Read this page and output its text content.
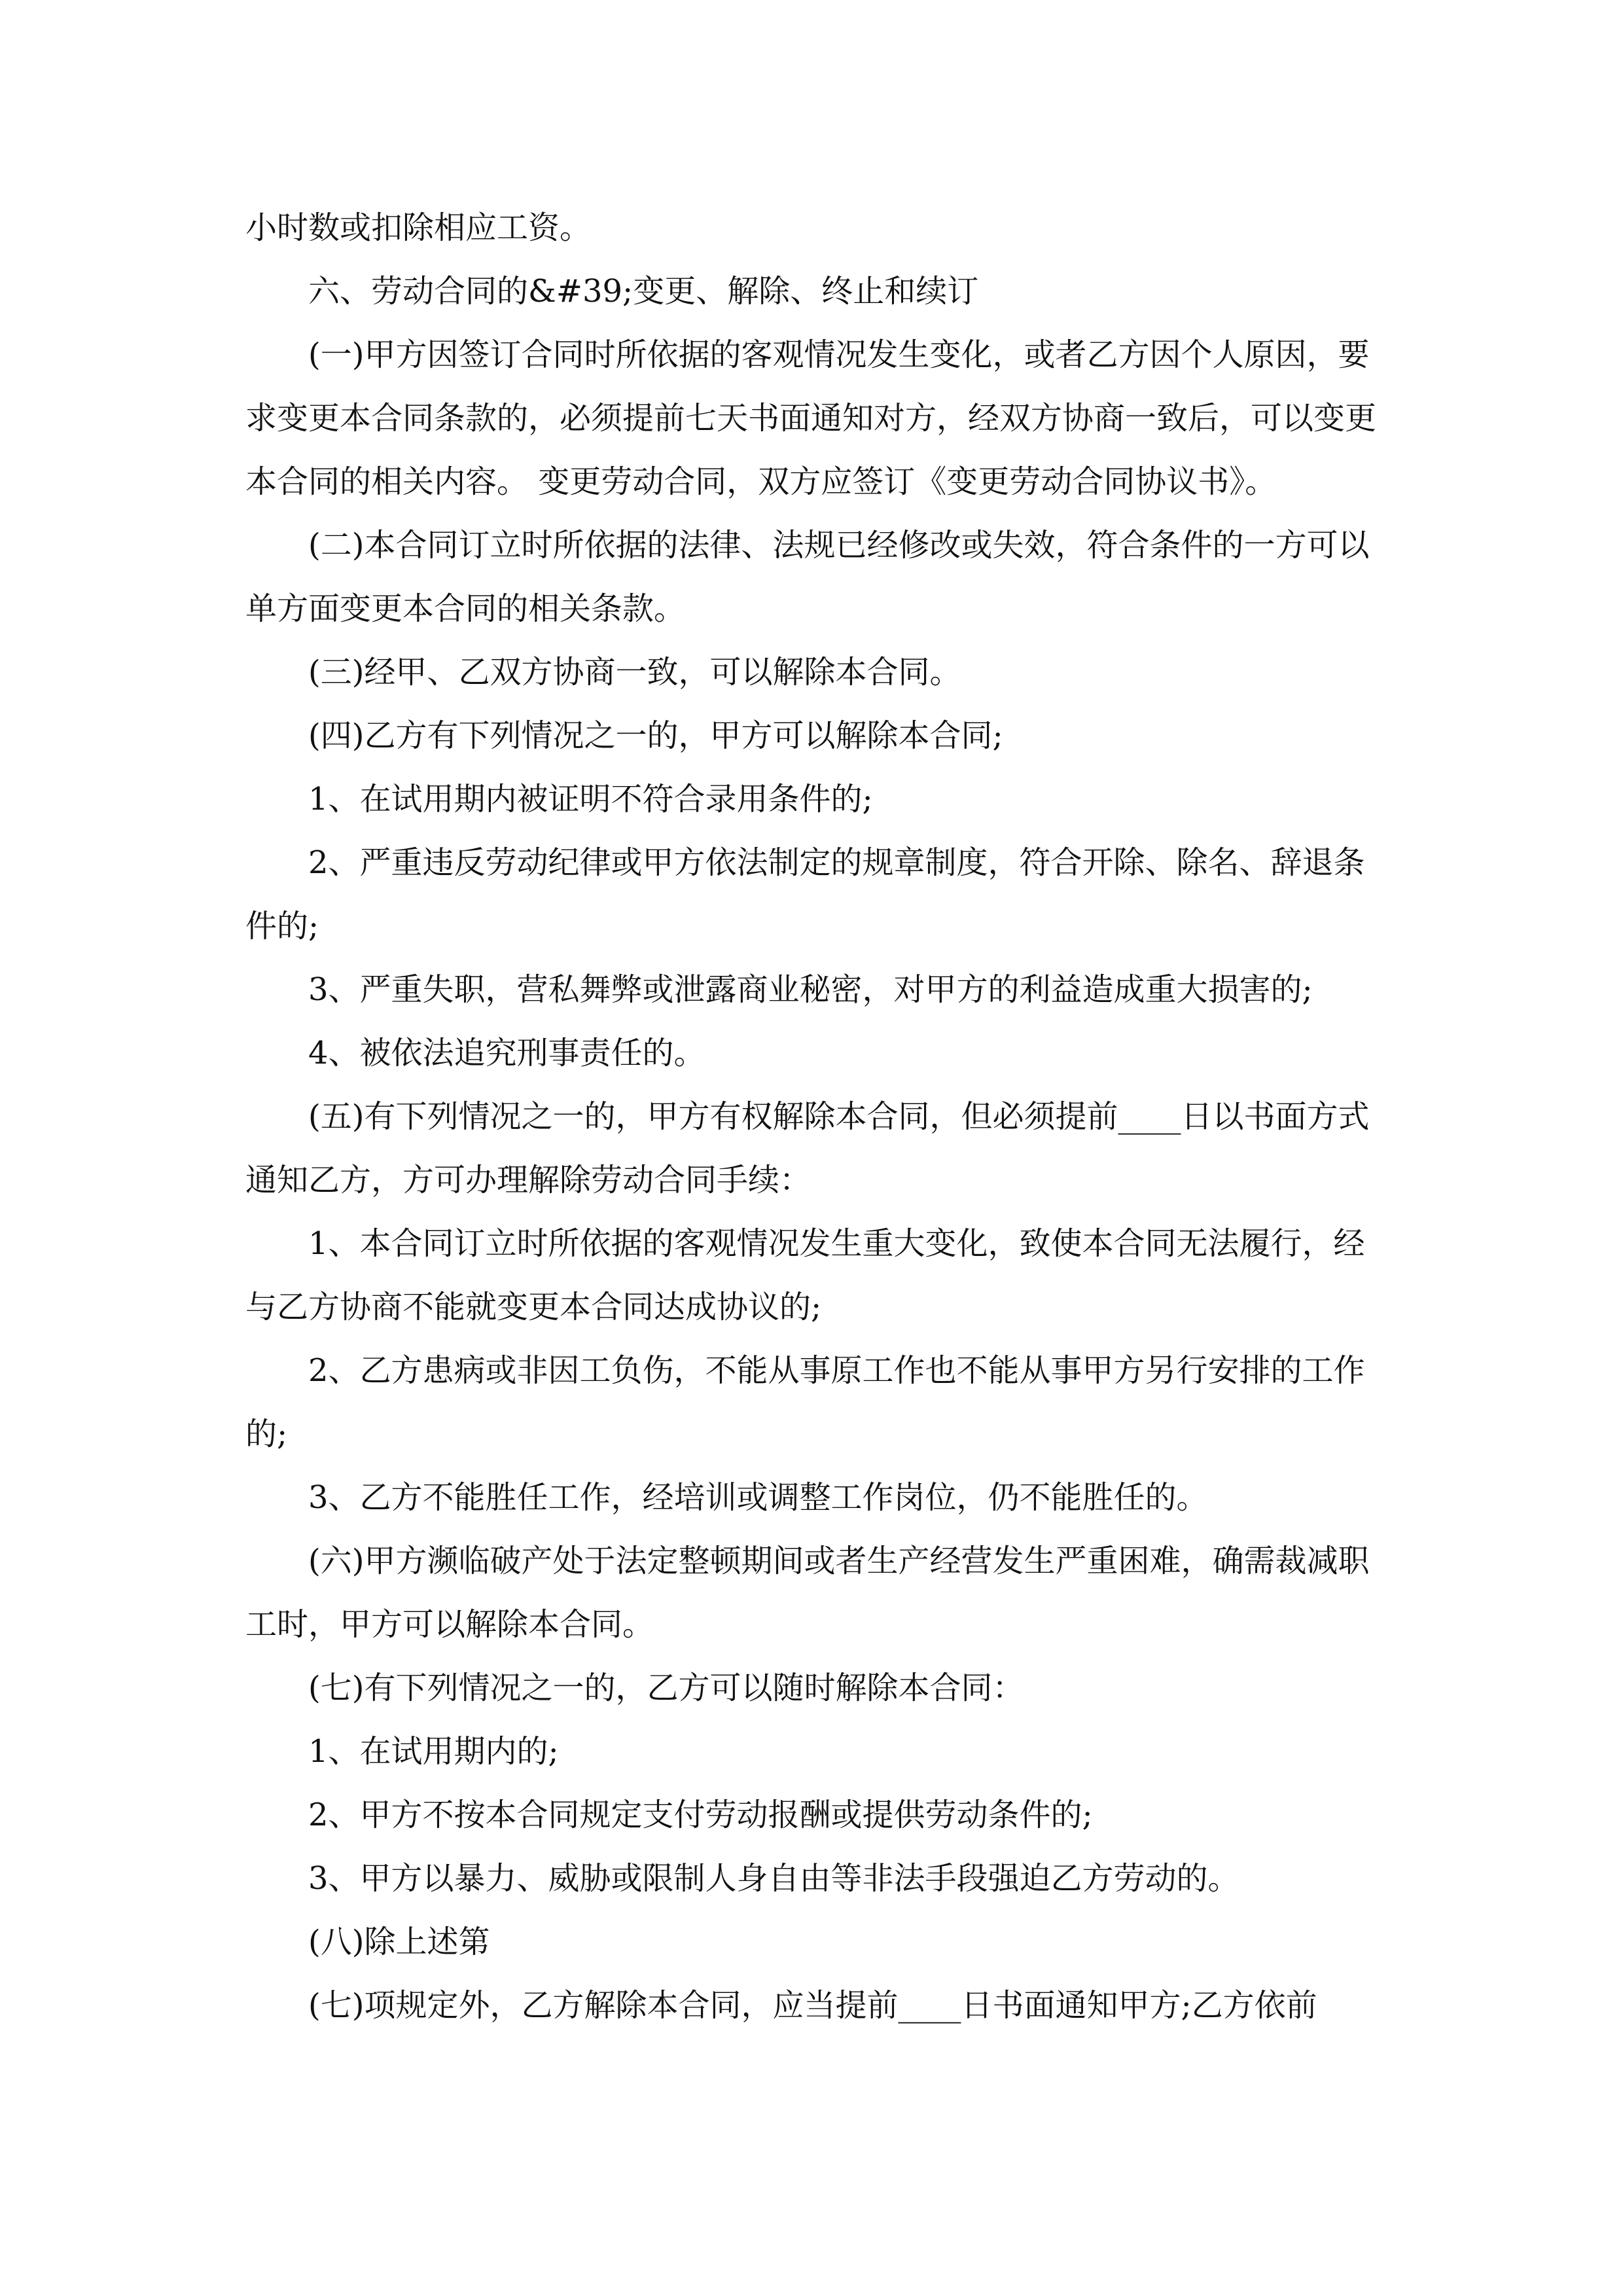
小时数或扣除相应工资。

六、劳动合同的&#39;变更、解除、终止和续订

(一)甲方因签订合同时所依据的客观情况发生变化，或者乙方因个人原因，要求变更本合同条款的，必须提前七天书面通知对方，经双方协商一致后，可以变更本合同的相关内容。 变更劳动合同，双方应签订《变更劳动合同协议书》。

(二)本合同订立时所依据的法律、法规已经修改或失效，符合条件的一方可以单方面变更本合同的相关条款。

(三)经甲、乙双方协商一致，可以解除本合同。

(四)乙方有下列情况之一的，甲方可以解除本合同;

1、在试用期内被证明不符合录用条件的;

2、严重违反劳动纪律或甲方依法制定的规章制度，符合开除、除名、辞退条件的;

3、严重失职，营私舞弊或泄露商业秘密，对甲方的利益造成重大损害的;

4、被依法追究刑事责任的。

(五)有下列情况之一的，甲方有权解除本合同，但必须提前____日以书面方式通知乙方，方可办理解除劳动合同手续：

1、本合同订立时所依据的客观情况发生重大变化，致使本合同无法履行，经与乙方协商不能就变更本合同达成协议的;

2、乙方患病或非因工负伤，不能从事原工作也不能从事甲方另行安排的工作的;

3、乙方不能胜任工作，经培训或调整工作岗位，仍不能胜任的。

(六)甲方濒临破产处于法定整顿期间或者生产经营发生严重困难，确需裁减职工时，甲方可以解除本合同。

(七)有下列情况之一的，乙方可以随时解除本合同：

1、在试用期内的;

2、甲方不按本合同规定支付劳动报酬或提供劳动条件的;

3、甲方以暴力、威胁或限制人身自由等非法手段强迫乙方劳动的。

(八)除上述第

(七)项规定外，乙方解除本合同，应当提前____日书面通知甲方;乙方依前
